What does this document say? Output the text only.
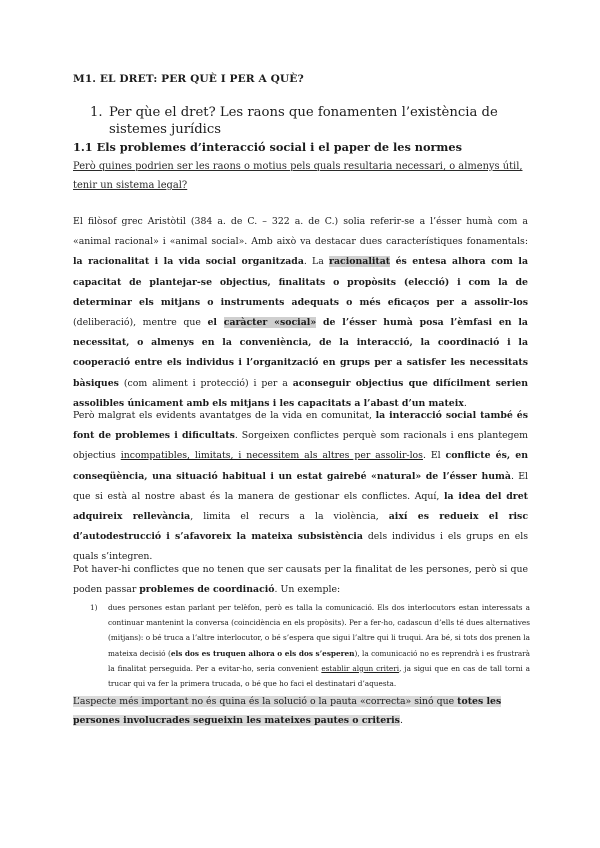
M1. EL DRET: PER QUÈ I PER A QUÈ?

1. Per qùe el dret? Les raons que fonamenten l’existència de sistemes jurídics

1.1 Els problemes d’interacció social i el paper de les normes

Però quines podrien ser les raons o motius pels quals resultaria necessari, o almenys útil, tenir un sistema legal?

El filòsof grec Aristòtil (384 a. de C. – 322 a. de C.) solia referir-se a l’ésser humà com a «animal racional» i «animal social». Amb això va destacar dues característiques fonamentals: la racionalitat i la vida social organitzada. La racionalitat és entesa alhora com la capacitat de plantejar-se objectius, finalitats o propòsits (elecció) i com la de determinar els mitjans o instruments adequats o més eficaços per a assolir-los (deliberació), mentre que el caràcter «social» de l’ésser humà posa l’èmfasi en la necessitat, o almenys en la conveniència, de la interacció, la coordinació i la cooperació entre els individus i l’organització en grups per a satisfer les necessitats bàsiques (com aliment i protecció) i per a aconseguir objectius que difícilment serien assolibles únicament amb els mitjans i les capacitats a l’abast d’un mateix.

Però malgrat els evidents avantatges de la vida en comunitat, la interacció social també és font de problemes i dificultats. Sorgeixen conflictes perquè som racionals i ens plantegem objectius incompatibles, limitats, i necessitem als altres per assolir-los. El conflicte és, en conseqüència, una situació habitual i un estat gairebé «natural» de l’ésser humà. El que si està al nostre abast és la manera de gestionar els conflictes. Aquí, la idea del dret adquireix rellevància, limita el recurs a la violència, així es redueix el risc d’autodestrucció i s’afavoreix la mateixa subsistència dels individus i els grups en els quals s’integren.

Pot haver-hi conflictes que no tenen que ser causats per la finalitat de les persones, però si que poden passar problemes de coordinació. Un exemple:

1)	dues persones estan parlant per telèfon, però es talla la comunicació. Els dos interlocutors estan interessats a continuar mantenint la conversa (coincidència en els propòsits). Per a fer-ho, cadascun d’ells té dues alternatives (mitjans): o bé truca a l’altre interlocutor, o bé s’espera que sigui l’altre qui li truqui. Ara bé, si tots dos prenen la mateixa decisió (els dos es truquen alhora o els dos s’esperen), la comunicació no es reprendrà i es frustrarà la finalitat perseguida. Per a evitar-ho, seria convenient establir algun criteri, ja sigui que en cas de tall torni a trucar qui va fer la primera trucada, o bé que ho faci el destinatari d’aquesta.

L’aspecte més important no és quina és la solució o la pauta «correcta» sinó que totes les persones involucrades segueixin les mateixes pautes o criteris.
